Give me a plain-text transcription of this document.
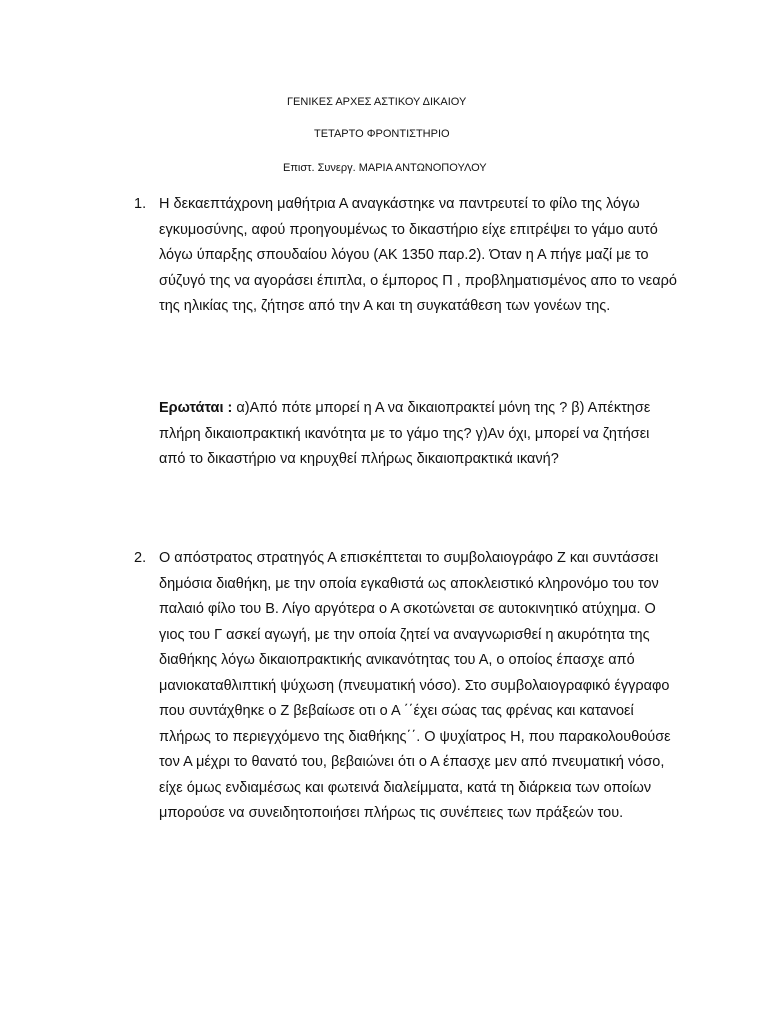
ΓΕΝΙΚΕΣ ΑΡΧΕΣ ΑΣΤΙΚΟΥ ΔΙΚΑΙΟΥ
ΤΕΤΑΡΤΟ ΦΡΟΝΤΙΣΤΗΡΙΟ
Επιστ. Συνεργ. ΜΑΡΙΑ ΑΝΤΩΝΟΠΟΥΛΟΥ
1. Η δεκαεπτάχρονη μαθήτρια Α αναγκάστηκε να παντρευτεί το φίλο της λόγω εγκυμοσύνης, αφού προηγουμένως το δικαστήριο είχε επιτρέψει το γάμο αυτό λόγω ύπαρξης σπουδαίου λόγου (ΑΚ 1350 παρ.2). Όταν η Α πήγε μαζί με το σύζυγό της να αγοράσει έπιπλα, ο έμπορος Π , προβληματισμένος απο το νεαρό της ηλικίας της, ζήτησε από την Α και τη συγκατάθεση των γονέων της.

Ερωτάται : α)Από πότε μπορεί η Α να δικαιοπρακτεί μόνη της ? β) Απέκτησε πλήρη δικαιοπρακτική ικανότητα με το γάμο της? γ)Αν όχι, μπορεί να ζητήσει από το δικαστήριο να κηρυχθεί πλήρως δικαιοπρακτικά ικανή?

2. Ο απόστρατος στρατηγός Α επισκέπτεται το συμβολαιογράφο Ζ και συντάσσει δημόσια διαθήκη, με την οποία εγκαθιστά ως αποκλειστικό κληρονόμο του τον παλαιό φίλο του Β. Λίγο αργότερα ο Α σκοτώνεται σε αυτοκινητικό ατύχημα. Ο γιος του Γ ασκεί αγωγή, με την οποία ζητεί να αναγνωρισθεί η ακυρότητα της διαθήκης λόγω δικαιοπρακτικής ανικανότητας του Α, ο οποίος έπασχε από μανιοκαταθλιπτική ψύχωση (πνευματική νόσο). Στο συμβολαιογραφικό έγγραφο που συντάχθηκε ο Ζ βεβαίωσε οτι ο Α ΄΄έχει σώας τας φρένας και κατανοεί πλήρως το περιεγχόμενο της διαθήκης΄΄. Ο ψυχίατρος Η, που παρακολουθούσε τον Α μέχρι το θανατό του, βεβαιώνει ότι ο Α έπασχε μεν από πνευματική νόσο, είχε όμως ενδιαμέσως και φωτεινά διαλείμματα, κατά τη διάρκεια των οποίων μπορούσε να συνειδητοποιήσει πλήρως τις συνέπειες των πράξεών του.
